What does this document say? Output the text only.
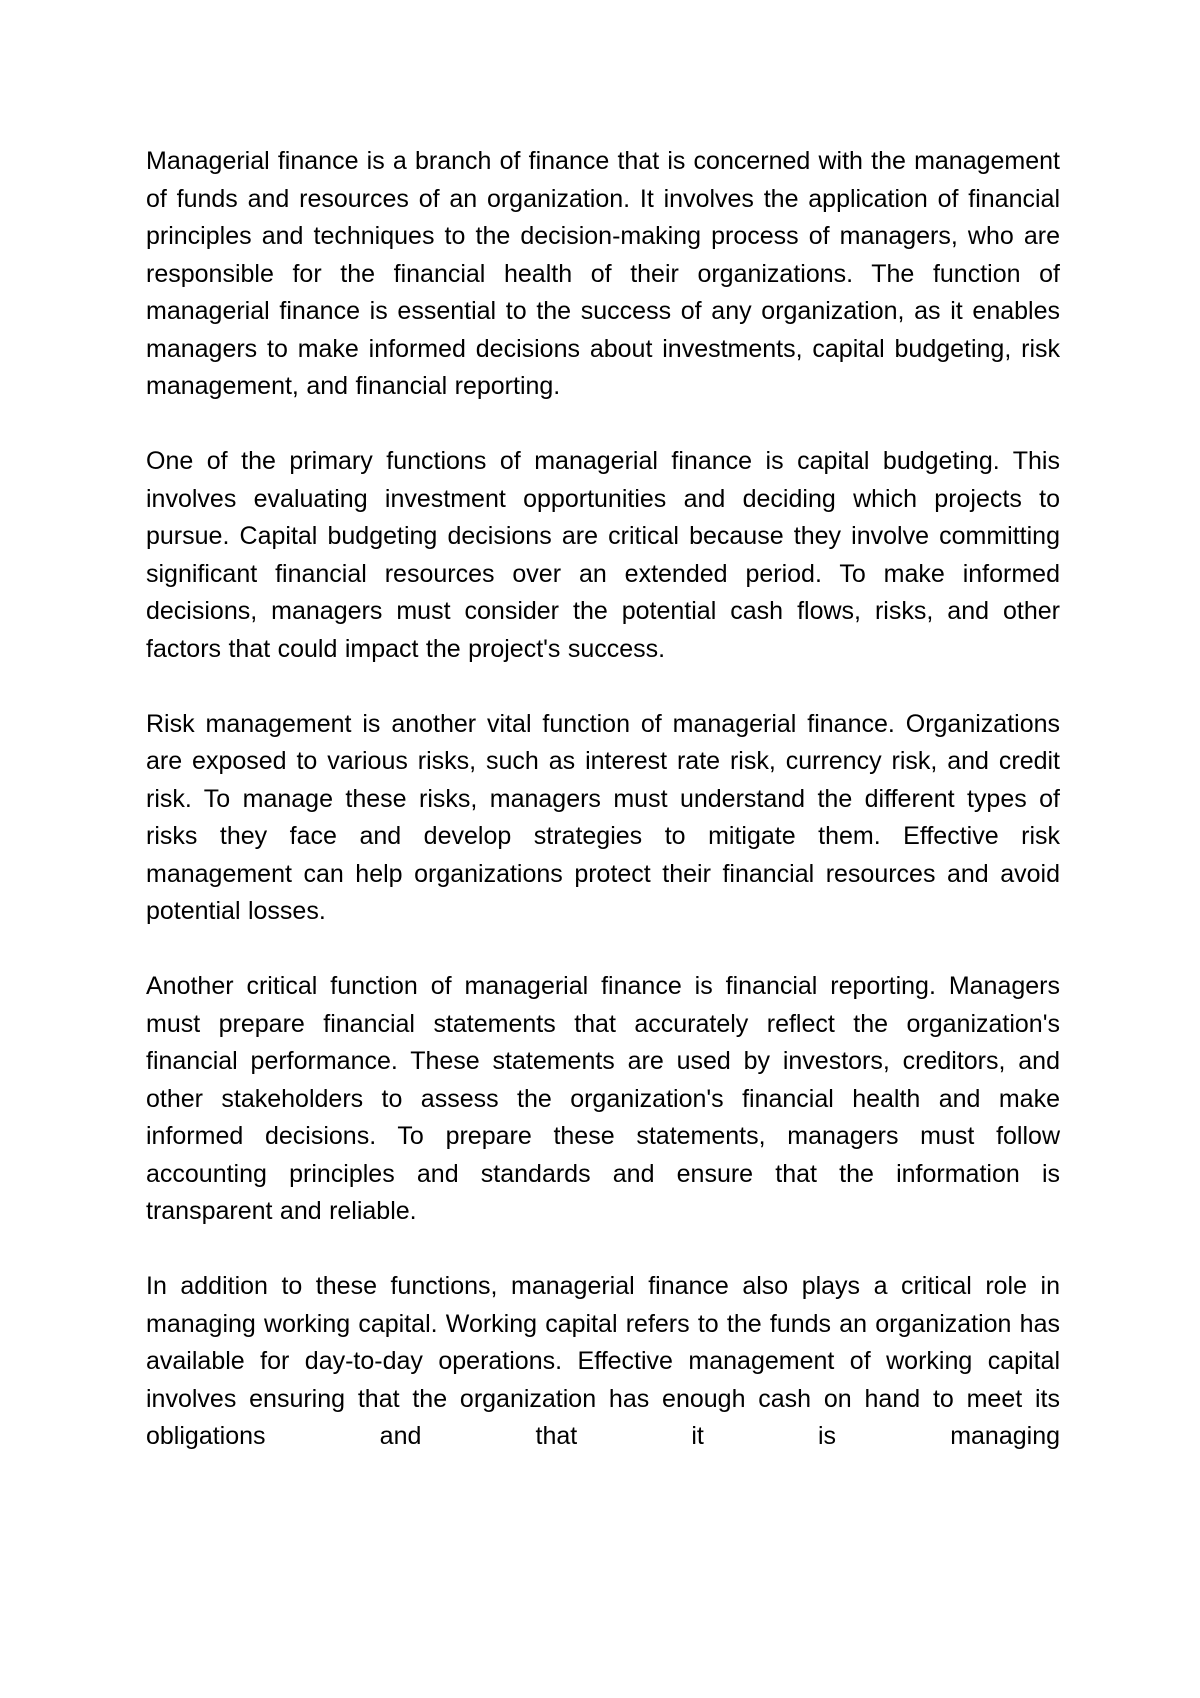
Managerial finance is a branch of finance that is concerned with the management of funds and resources of an organization. It involves the application of financial principles and techniques to the decision-making process of managers, who are responsible for the financial health of their organizations. The function of managerial finance is essential to the success of any organization, as it enables managers to make informed decisions about investments, capital budgeting, risk management, and financial reporting.

One of the primary functions of managerial finance is capital budgeting. This involves evaluating investment opportunities and deciding which projects to pursue. Capital budgeting decisions are critical because they involve committing significant financial resources over an extended period. To make informed decisions, managers must consider the potential cash flows, risks, and other factors that could impact the project's success.

Risk management is another vital function of managerial finance. Organizations are exposed to various risks, such as interest rate risk, currency risk, and credit risk. To manage these risks, managers must understand the different types of risks they face and develop strategies to mitigate them. Effective risk management can help organizations protect their financial resources and avoid potential losses.

Another critical function of managerial finance is financial reporting. Managers must prepare financial statements that accurately reflect the organization's financial performance. These statements are used by investors, creditors, and other stakeholders to assess the organization's financial health and make informed decisions. To prepare these statements, managers must follow accounting principles and standards and ensure that the information is transparent and reliable.

In addition to these functions, managerial finance also plays a critical role in managing working capital. Working capital refers to the funds an organization has available for day-to-day operations. Effective management of working capital involves ensuring that the organization has enough cash on hand to meet its obligations and that it is managing
